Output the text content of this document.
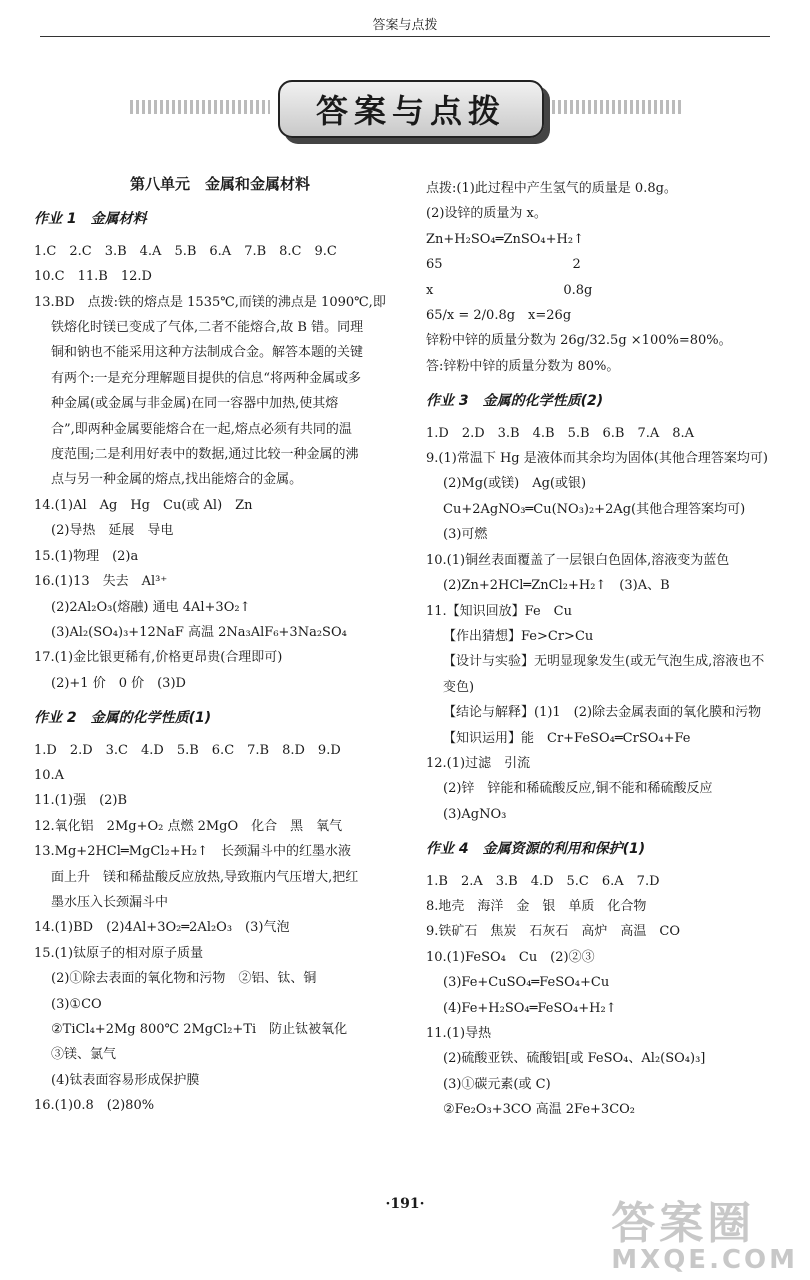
答案与点拨
答案与点拨
第八单元　金属和金属材料
作业 1　金属材料
1.C　2.C　3.B　4.A　5.B　6.A　7.B　8.C　9.C
10.C　11.B　12.D
13.BD　点拨:铁的熔点是 1535℃,而镁的沸点是 1090℃,即
铁熔化时镁已变成了气体,二者不能熔合,故 B 错。同理
铜和钠也不能采用这种方法制成合金。解答本题的关键
有两个:一是充分理解题目提供的信息“将两种金属或多
种金属(或金属与非金属)在同一容器中加热,使其熔
合”,即两种金属要能熔合在一起,熔点必须有共同的温
度范围;二是利用好表中的数据,通过比较一种金属的沸
点与另一种金属的熔点,找出能熔合的金属。
14.(1)Al　Ag　Hg　Cu(或 Al)　Zn
(2)导热　延展　导电
15.(1)物理　(2)a
16.(1)13　失去　Al³⁺
(2)2Al₂O₃(熔融) 通电 4Al+3O₂↑
(3)Al₂(SO₄)₃+12NaF 高温 2Na₃AlF₆+3Na₂SO₄
17.(1)金比银更稀有,价格更昂贵(合理即可)
(2)+1 价　0 价　(3)D
作业 2　金属的化学性质(1)
1.D　2.D　3.C　4.D　5.B　6.C　7.B　8.D　9.D
10.A
11.(1)强　(2)B
12.氧化铝　2Mg+O₂ 点燃 2MgO　化合　黑　氧气
13.Mg+2HCl═MgCl₂+H₂↑　长颈漏斗中的红墨水液
面上升　镁和稀盐酸反应放热,导致瓶内气压增大,把红
墨水压入长颈漏斗中
14.(1)BD　(2)4Al+3O₂═2Al₂O₃　(3)气泡
15.(1)钛原子的相对原子质量
(2)①除去表面的氧化物和污物　②铝、钛、铜
(3)①CO
②TiCl₄+2Mg 800℃ 2MgCl₂+Ti　防止钛被氧化
③镁、氯气
(4)钛表面容易形成保护膜
16.(1)0.8　(2)80%
点拨:(1)此过程中产生氢气的质量是 0.8g。
(2)设锌的质量为 x。
Zn+H₂SO₄═ZnSO₄+H₂↑
65　　　　　　　　　　2
x　　　　　　　　　　0.8g
65/x = 2/0.8g　x=26g
锌粉中锌的质量分数为 26g/32.5g ×100%=80%。
答:锌粉中锌的质量分数为 80%。
作业 3　金属的化学性质(2)
1.D　2.D　3.B　4.B　5.B　6.B　7.A　8.A
9.(1)常温下 Hg 是液体而其余均为固体(其他合理答案均可)
(2)Mg(或镁)　Ag(或银)
Cu+2AgNO₃═Cu(NO₃)₂+2Ag(其他合理答案均可)
(3)可燃
10.(1)铜丝表面覆盖了一层银白色固体,溶液变为蓝色
(2)Zn+2HCl═ZnCl₂+H₂↑　(3)A、B
11.【知识回放】Fe　Cu
【作出猜想】Fe>Cr>Cu
【设计与实验】无明显现象发生(或无气泡生成,溶液也不
变色)
【结论与解释】(1)1　(2)除去金属表面的氧化膜和污物
【知识运用】能　Cr+FeSO₄═CrSO₄+Fe
12.(1)过滤　引流
(2)锌　锌能和稀硫酸反应,铜不能和稀硫酸反应
(3)AgNO₃
作业 4　金属资源的利用和保护(1)
1.B　2.A　3.B　4.D　5.C　6.A　7.D
8.地壳　海洋　金　银　单质　化合物
9.铁矿石　焦炭　石灰石　高炉　高温　CO
10.(1)FeSO₄　Cu　(2)②③
(3)Fe+CuSO₄═FeSO₄+Cu
(4)Fe+H₂SO₄═FeSO₄+H₂↑
11.(1)导热
(2)硫酸亚铁、硫酸铝[或 FeSO₄、Al₂(SO₄)₃]
(3)①碳元素(或 C)
②Fe₂O₃+3CO 高温 2Fe+3CO₂
·191·	答案圈
MXQE.COM
